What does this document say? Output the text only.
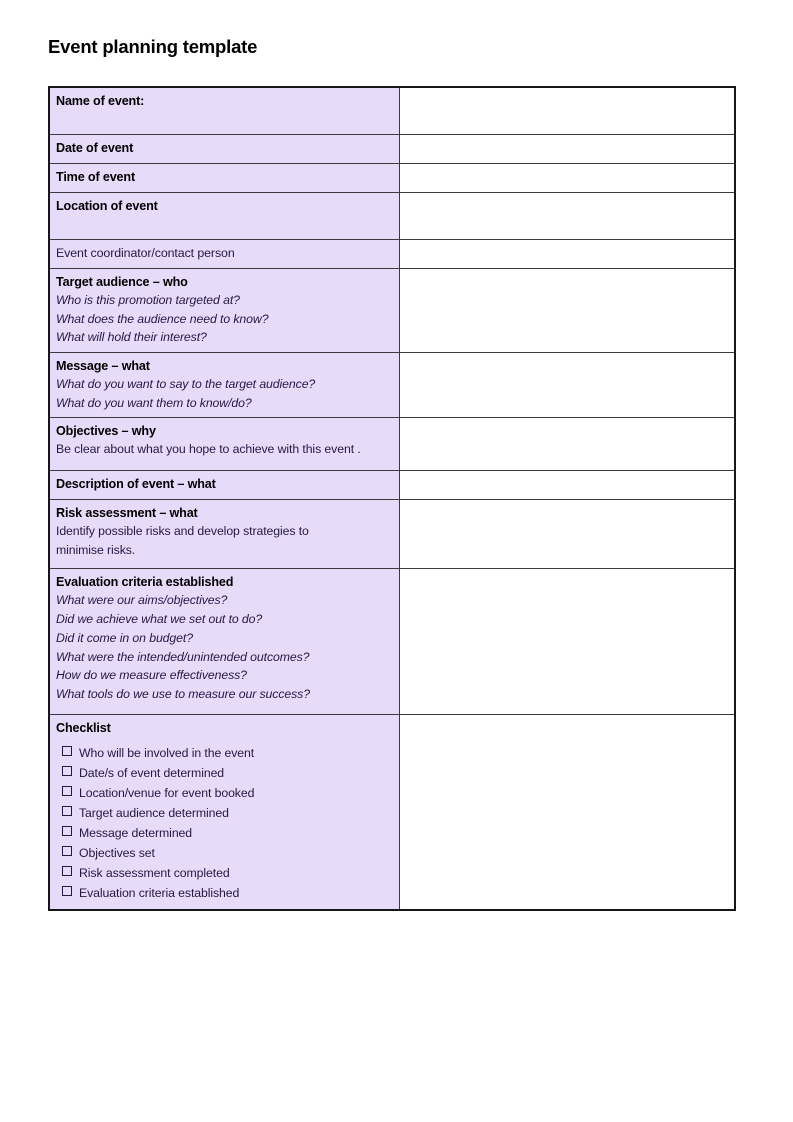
Event planning template
Name of event:	

Date of event	

Time of event	

Location of event	

Event coordinator/contact person	

Target audience – who
Who is this promotion targeted at?
What does the audience need to know?
What will hold their interest?	

Message – what
What do you want to say to the target audience?
What do you want them to know/do?	

Objectives – why
Be clear about what you hope to achieve with this event .	

Description of event – what	

Risk assessment – what
Identify possible risks and develop strategies to
minimise risks.	

Evaluation criteria established
What were our aims/objectives?
Did we achieve what we set out to do?
Did it come in on budget?
What were the intended/unintended outcomes?
How do we measure effectiveness?
What tools do we use to measure our success?

Checklist
Who will be involved in the event
Date/s of event determined
Location/venue for event booked
Target audience determined
Message determined
Objectives set
Risk assessment completed
Evaluation criteria established
